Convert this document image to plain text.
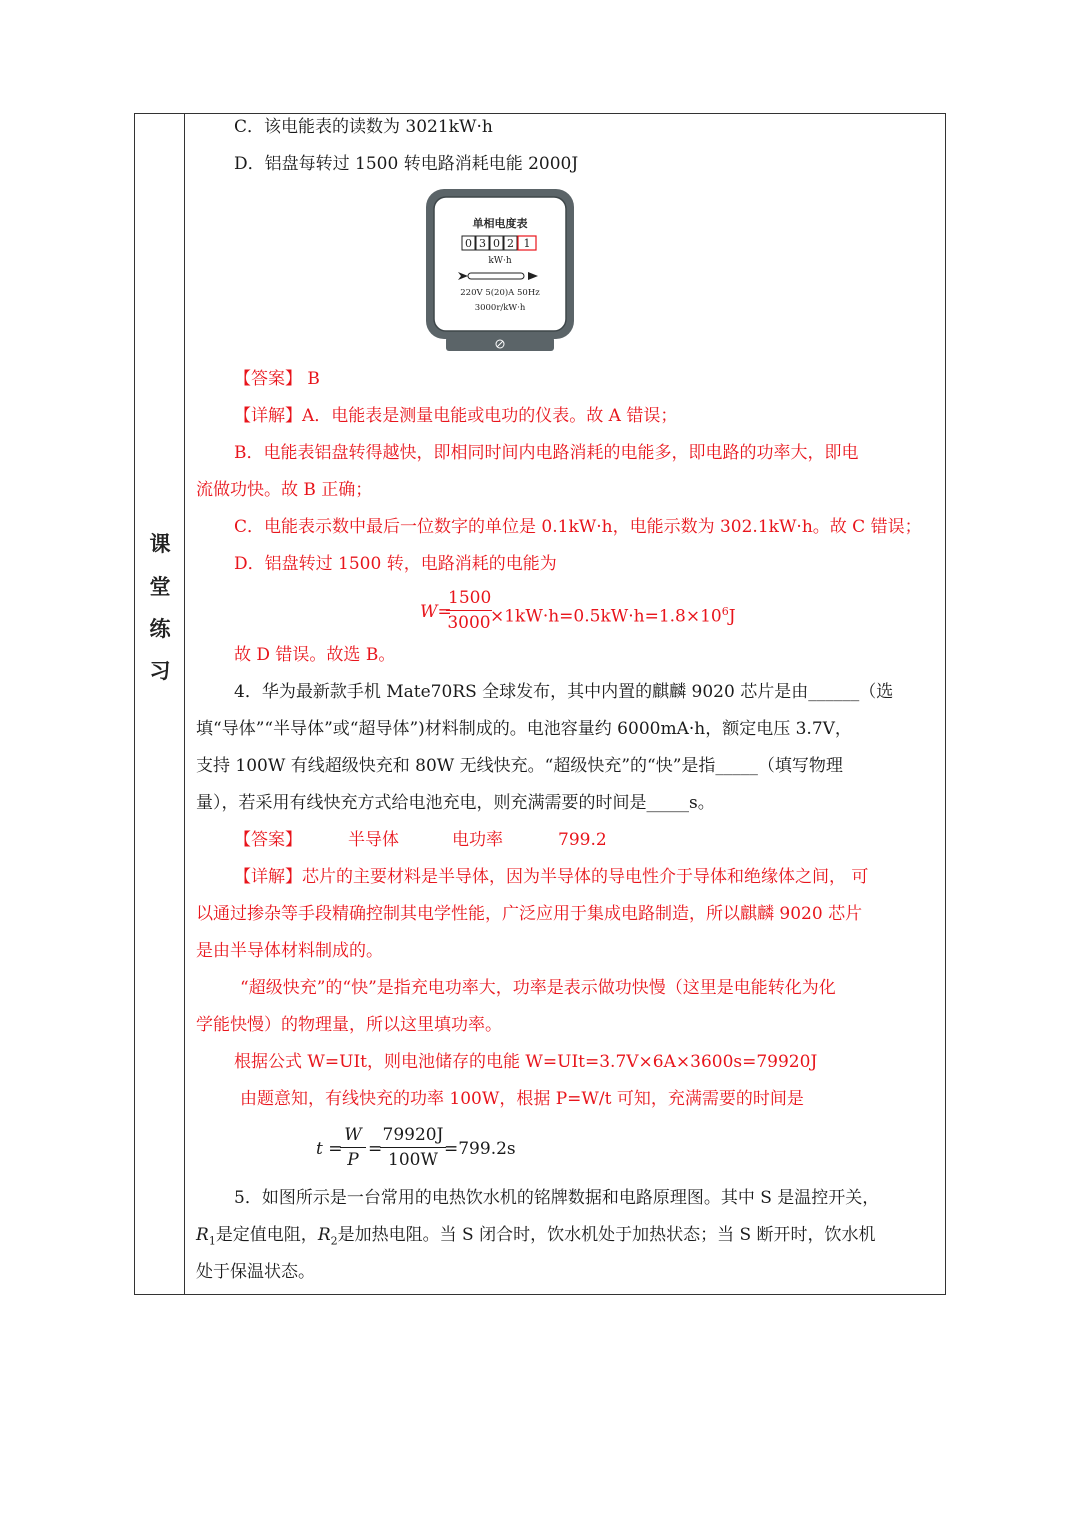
课
堂
练
习
C．该电能表的读数为 3021kW·h
D．铝盘每转过 1500 转电路消耗电能 2000J
单相电度表
0 3 0 2 1
kW·h
220V 5(20)A 50Hz
3000r/kW·h
【答案】 B
【详解】A．电能表是测量电能或电功的仪表。故 A 错误；
B．电能表铝盘转得越快，即相同时间内电路消耗的电能多，即电路的功率大，即电
流做功快。故 B 正确；
C．电能表示数中最后一位数字的单位是 0.1kW·h，电能示数为 302.1kW·h。故 C 错误；
D．铝盘转过 1500 转，电路消耗的电能为
W=
$\frac{1500}{3000}$
$\times 1kW\cdot h=0.5kW\cdot h=1.8\times 10^6J$
故 D 错误。故选 B。
4．华为最新款手机 Mate70RS 全球发布，其中内置的麒麟 9020 芯片是由______（选
填“导体”“半导体”或“超导体”)材料制成的。电池容量约 6000mA·h，额定电压 3.7V，
支持 100W 有线超级快充和 80W 无线快充。“超级快充”的“快”是指_____（填写物理
量），若采用有线快充方式给电池充电，则充满需要的时间是_____s。
【答案】	半导体	电功率	799.2
【详解】芯片的主要材料是半导体，因为半导体的导电性介于导体和绝缘体之间， 可
以通过掺杂等手段精确控制其电学性能，广泛应用于集成电路制造，所以麒麟 9020 芯片
是由半导体材料制成的。
“超级快充”的“快”是指充电功率大，功率是表示做功快慢（这里是电能转化为化
学能快慢）的物理量，所以这里填功率。
根据公式 W=UIt，则电池储存的电能 W=UIt=3.7V×6A×3600s=79920J
由题意知，有线快充的功率 100W，根据 P=W/t 可知，充满需要的时间是
t =
$\frac{W}{P}$ =
$\frac{79920J}{100W}$
=799.2s
5．如图所示是一台常用的电热饮水机的铭牌数据和电路原理图。其中 S 是温控开关，
$R_1$是定值电阻，$R_2$是加热电阻。当 S 闭合时，饮水机处于加热状态；当 S 断开时，饮水机
处于保温状态。
